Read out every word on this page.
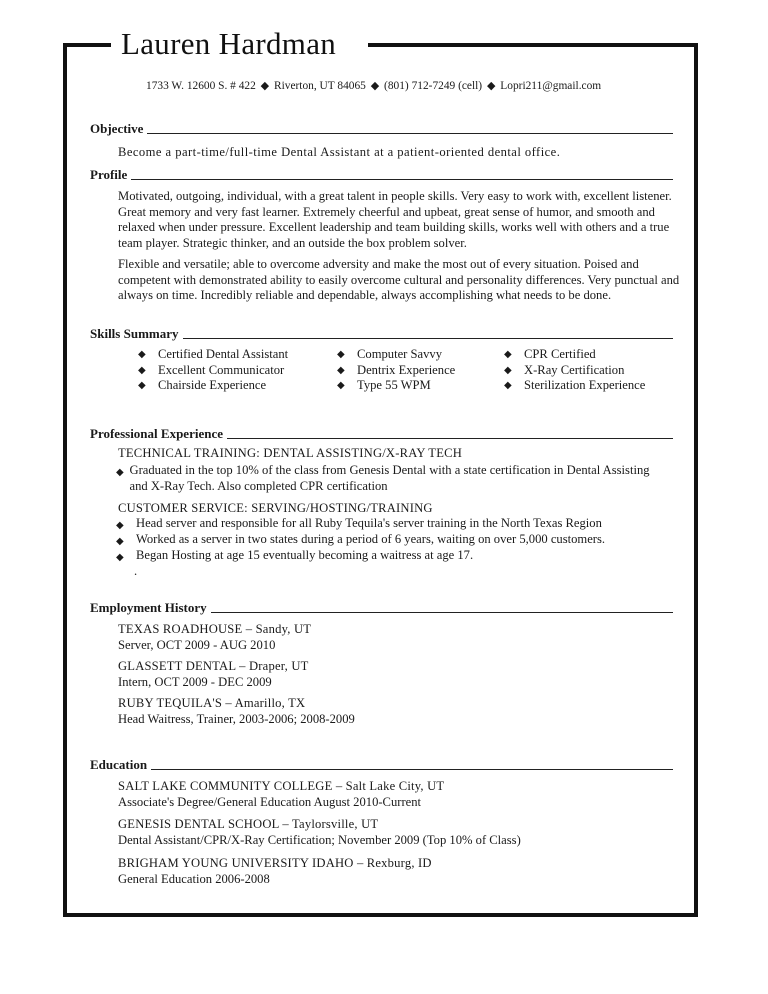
Lauren Hardman
1733 W. 12600 S. # 422 ◆ Riverton, UT 84065 ◆ (801) 712-7249 (cell) ◆ Lopri211@gmail.com
Objective
Become a part-time/full-time Dental Assistant at a patient-oriented dental office.
Profile
Motivated, outgoing, individual, with a great talent in people skills. Very easy to work with, excellent listener. Great memory and very fast learner. Extremely cheerful and upbeat, great sense of humor, and smooth and relaxed when under pressure. Excellent leadership and team building skills, works well with others and a true team player. Strategic thinker, and an outside the box problem solver.
Flexible and versatile; able to overcome adversity and make the most out of every situation. Poised and competent with demonstrated ability to easily overcome cultural and personality differences. Very punctual and always on time. Incredibly reliable and dependable, always accomplishing what needs to be done.
Skills Summary
◆ Certified Dental Assistant
◆ Excellent Communicator
◆ Chairside Experience
◆ Computer Savvy
◆ Dentrix Experience
◆ Type 55 WPM
◆ CPR Certified
◆ X-Ray Certification
◆ Sterilization Experience
Professional Experience
TECHNICAL TRAINING: DENTAL ASSISTING/X-RAY TECH
◆ Graduated in the top 10% of the class from Genesis Dental with a state certification in Dental Assisting and X-Ray Tech. Also completed CPR certification
CUSTOMER SERVICE: SERVING/HOSTING/TRAINING
◆ Head server and responsible for all Ruby Tequila's server training in the North Texas Region
◆ Worked as a server in two states during a period of 6 years, waiting on over 5,000 customers.
◆ Began Hosting at age 15 eventually becoming a waitress at age 17.
.
Employment History
TEXAS ROADHOUSE – Sandy, UT
Server, OCT 2009 - AUG 2010
GLASSETT DENTAL – Draper, UT
Intern, OCT 2009 - DEC 2009
RUBY TEQUILA'S – Amarillo, TX
Head Waitress, Trainer, 2003-2006; 2008-2009
Education
SALT LAKE COMMUNITY COLLEGE – Salt Lake City, UT
Associate's Degree/General Education August 2010-Current
GENESIS DENTAL SCHOOL – Taylorsville, UT
Dental Assistant/CPR/X-Ray Certification; November 2009 (Top 10% of Class)
BRIGHAM YOUNG UNIVERSITY IDAHO – Rexburg, ID
General Education 2006-2008
